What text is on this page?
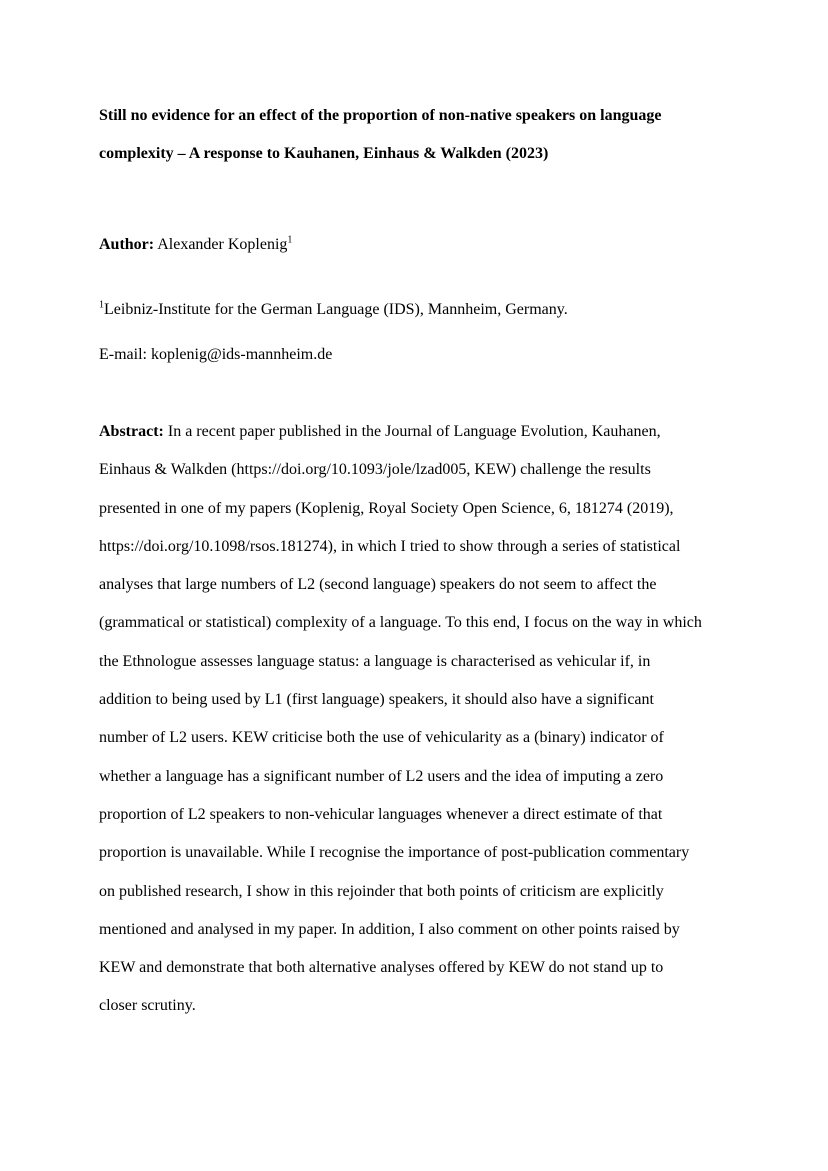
Still no evidence for an effect of the proportion of non-native speakers on language
complexity – A response to Kauhanen, Einhaus & Walkden (2023)

Author: Alexander Koplenig$^1$

$^1$Leibniz-Institute for the German Language (IDS), Mannheim, Germany.

E-mail: koplenig@ids-mannheim.de

Abstract: In a recent paper published in the Journal of Language Evolution, Kauhanen,
Einhaus & Walkden (https://doi.org/10.1093/jole/lzad005, KEW) challenge the results
presented in one of my papers (Koplenig, Royal Society Open Science, 6, 181274 (2019),
https://doi.org/10.1098/rsos.181274), in which I tried to show through a series of statistical
analyses that large numbers of L2 (second language) speakers do not seem to affect the
(grammatical or statistical) complexity of a language. To this end, I focus on the way in which
the Ethnologue assesses language status: a language is characterised as vehicular if, in
addition to being used by L1 (first language) speakers, it should also have a significant
number of L2 users. KEW criticise both the use of vehicularity as a (binary) indicator of
whether a language has a significant number of L2 users and the idea of imputing a zero
proportion of L2 speakers to non-vehicular languages whenever a direct estimate of that
proportion is unavailable. While I recognise the importance of post-publication commentary
on published research, I show in this rejoinder that both points of criticism are explicitly
mentioned and analysed in my paper. In addition, I also comment on other points raised by
KEW and demonstrate that both alternative analyses offered by KEW do not stand up to
closer scrutiny.
